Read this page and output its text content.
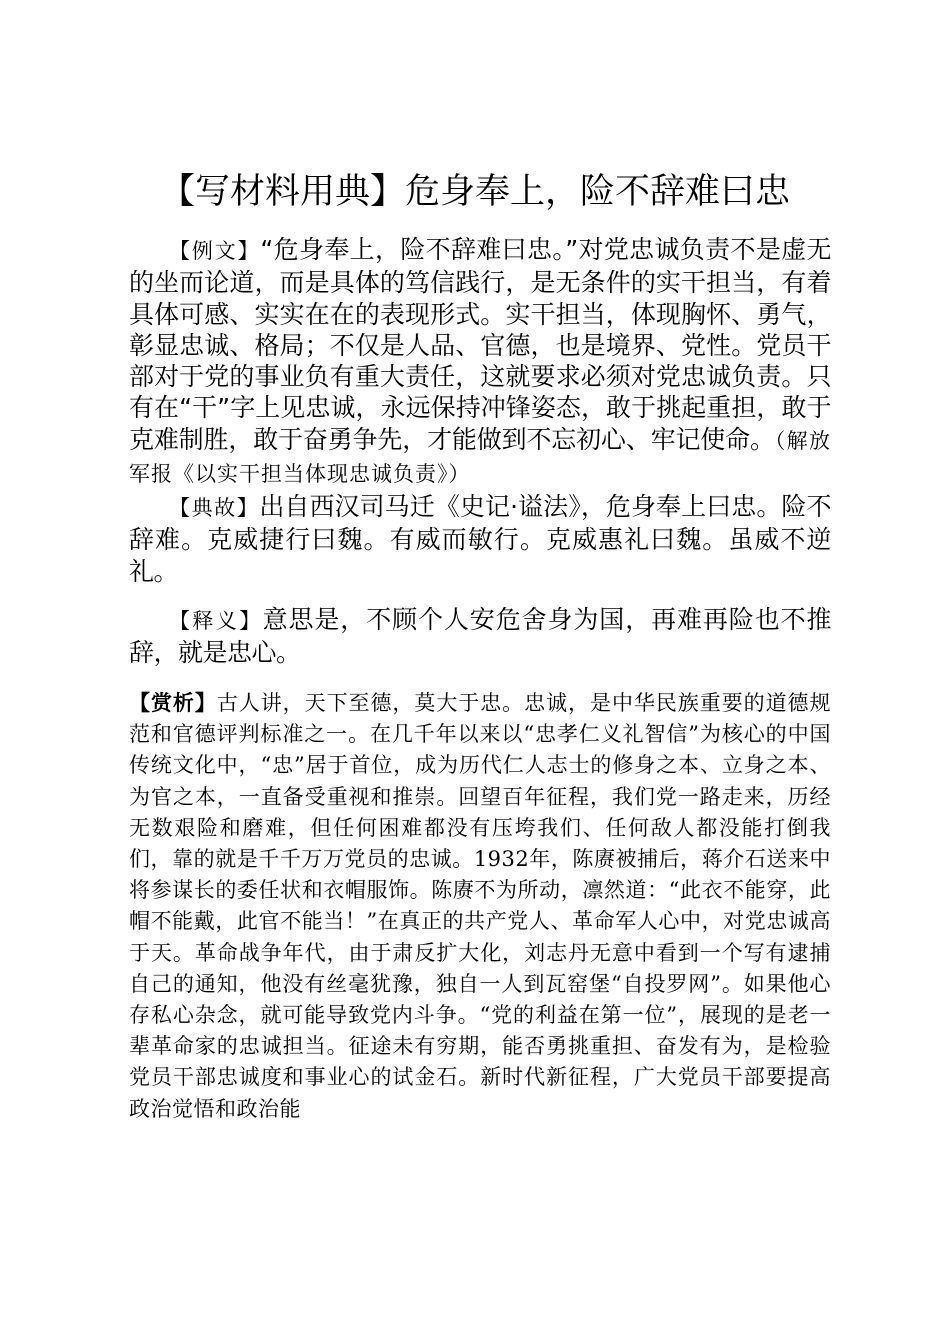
【写材料用典】危身奉上，险不辞难曰忠

【例文】“危身奉上，险不辞难曰忠。”对党忠诚负责不是虚无的坐而论道，而是具体的笃信践行，是无条件的实干担当，有着具体可感、实实在在的表现形式。实干担当，体现胸怀、勇气，彰显忠诚、格局；不仅是人品、官德，也是境界、党性。党员干部对于党的事业负有重大责任，这就要求必须对党忠诚负责。只有在“干”字上见忠诚，永远保持冲锋姿态，敢于挑起重担，敢于克难制胜，敢于奋勇争先，才能做到不忘初心、牢记使命。（解放军报《以实干担当体现忠诚负责》）

【典故】出自西汉司马迁《史记·谥法》，危身奉上曰忠。险不辞难。克威捷行曰魏。有威而敏行。克威惠礼曰魏。虽威不逆礼。

【释义】意思是，不顾个人安危舍身为国，再难再险也不推辞，就是忠心。

【赏析】古人讲，天下至德，莫大于忠。忠诚，是中华民族重要的道德规范和官德评判标准之一。在几千年以来以“忠孝仁义礼智信”为核心的中国传统文化中，“忠”居于首位，成为历代仁人志士的修身之本、立身之本、为官之本，一直备受重视和推崇。回望百年征程，我们党一路走来，历经无数艰险和磨难，但任何困难都没有压垮我们、任何敌人都没能打倒我们，靠的就是千千万万党员的忠诚。1932年，陈赓被捕后，蒋介石送来中将参谋长的委任状和衣帽服饰。陈赓不为所动，凛然道：“此衣不能穿，此帽不能戴，此官不能当！”在真正的共产党人、革命军人心中，对党忠诚高于天。革命战争年代，由于肃反扩大化，刘志丹无意中看到一个写有逮捕自己的通知，他没有丝毫犹豫，独自一人到瓦窑堡“自投罗网”。如果他心存私心杂念，就可能导致党内斗争。“党的利益在第一位”，展现的是老一辈革命家的忠诚担当。征途未有穷期，能否勇挑重担、奋发有为，是检验党员干部忠诚度和事业心的试金石。新时代新征程，广大党员干部要提高政治觉悟和政治能
